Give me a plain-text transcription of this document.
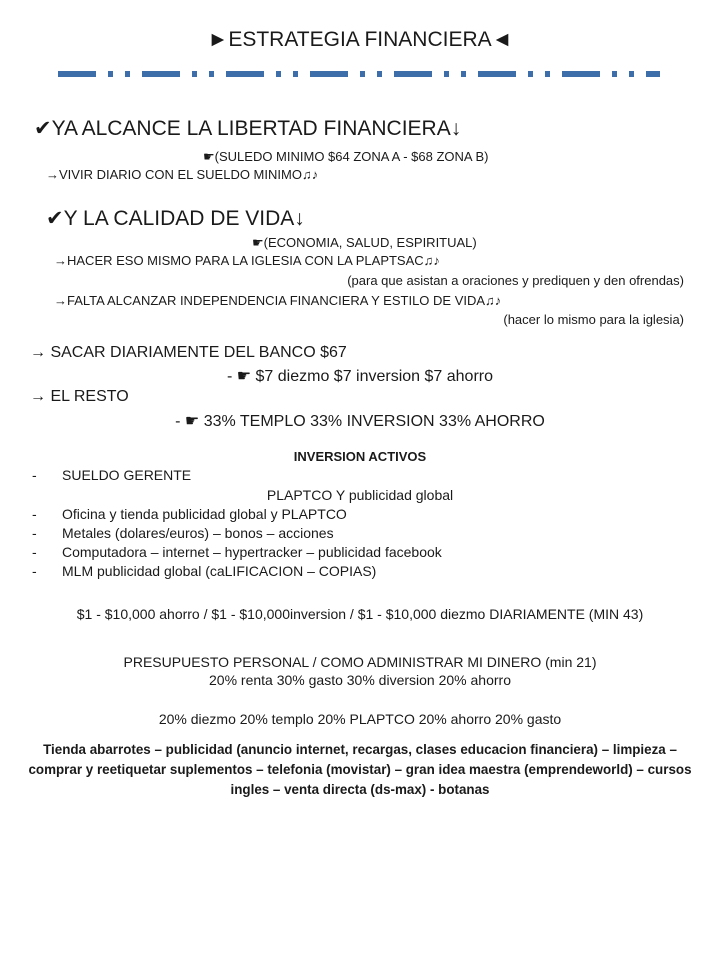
►ESTRATEGIA FINANCIERA◄
✔YA ALCANCE LA LIBERTAD FINANCIERA↓
☛(SULEDO MINIMO $64 ZONA A - $68 ZONA B)
→VIVIR DIARIO CON EL SUELDO MINIMO♫♪
✔Y LA CALIDAD DE VIDA↓
☛(ECONOMIA, SALUD, ESPIRITUAL)
→HACER ESO MISMO PARA LA IGLESIA CON LA PLAPTSAC♫♪
(para que asistan a oraciones y prediquen y den ofrendas)
→FALTA ALCANZAR INDEPENDENCIA FINANCIERA Y ESTILO DE VIDA♫♪
(hacer lo mismo para la iglesia)
→ SACAR DIARIAMENTE DEL BANCO $67
- ☛ $7 diezmo $7 inversion $7 ahorro
→ EL RESTO
- ☛ 33% TEMPLO 33% INVERSION 33% AHORRO
INVERSION ACTIVOS
- SUELDO GERENTE
PLAPTCO Y publicidad global
- Oficina y tienda publicidad global y PLAPTCO
- Metales (dolares/euros) – bonos – acciones
- Computadora – internet – hypertracker – publicidad facebook
- MLM publicidad global (caLIFICACION – COPIAS)
$1 - $10,000 ahorro / $1 - $10,000inversion / $1 - $10,000 diezmo DIARIAMENTE (MIN 43)
PRESUPUESTO PERSONAL / COMO ADMINISTRAR MI DINERO (min 21)
20% renta 30% gasto 30% diversion 20% ahorro
20% diezmo 20% templo 20% PLAPTCO 20% ahorro 20% gasto
Tienda abarrotes – publicidad (anuncio internet, recargas, clases educacion financiera) – limpieza – comprar y reetiquetar suplementos – telefonia (movistar) – gran idea maestra (emprendeworld) – cursos ingles – venta directa (ds-max) - botanas
